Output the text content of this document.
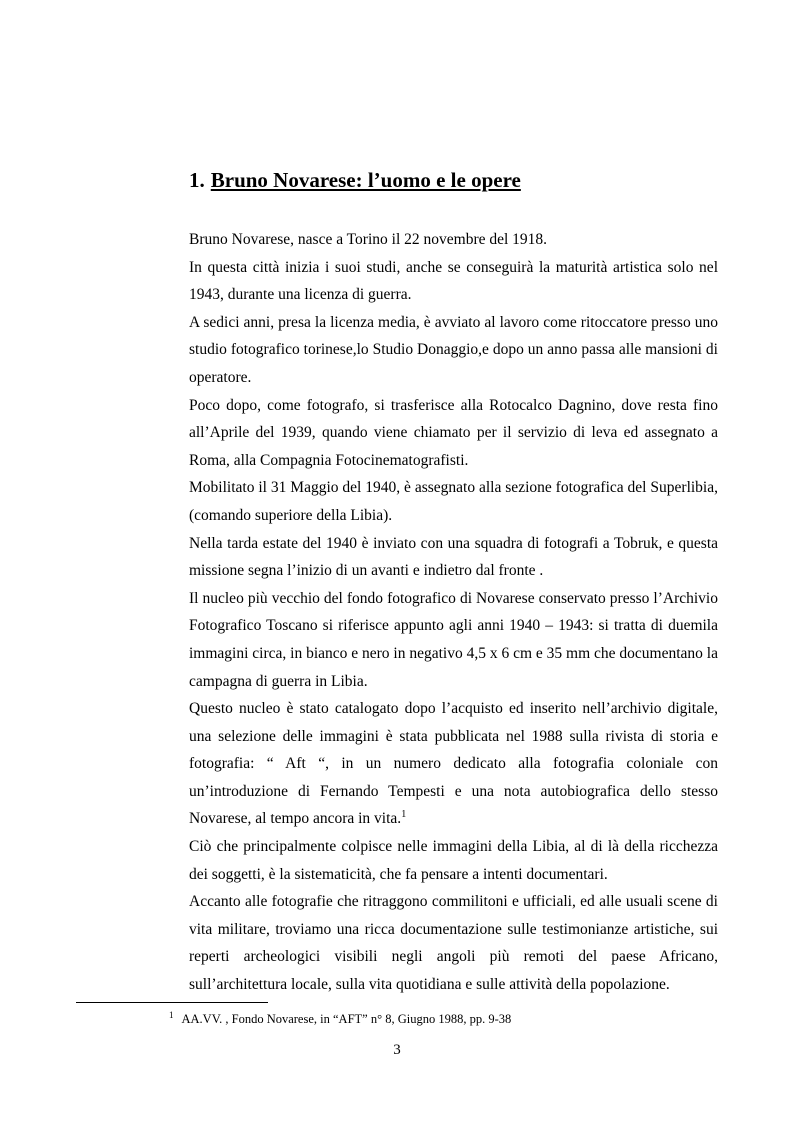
1. Bruno Novarese: l’uomo e le opere

Bruno Novarese, nasce a Torino il 22 novembre del 1918.

In questa città inizia i suoi studi, anche se conseguirà la maturità artistica solo nel 1943, durante una licenza di guerra.

A sedici anni, presa la licenza media, è avviato al lavoro come ritoccatore presso uno studio fotografico torinese,lo Studio Donaggio,e dopo un anno passa alle mansioni di operatore.

Poco dopo, come fotografo, si trasferisce alla Rotocalco Dagnino, dove resta fino all’Aprile del 1939, quando viene chiamato per il servizio di leva ed assegnato a Roma, alla Compagnia Fotocinematografisti.

Mobilitato il 31 Maggio del 1940, è assegnato alla sezione fotografica del Superlibia, (comando superiore della Libia).

Nella tarda estate del 1940 è inviato con una squadra di fotografi a Tobruk, e questa missione segna l’inizio di un avanti e indietro dal fronte .

Il nucleo più vecchio del fondo fotografico di Novarese conservato presso l’Archivio Fotografico Toscano si riferisce appunto agli anni 1940 – 1943: si tratta di duemila immagini circa, in bianco e nero in negativo 4,5 x 6 cm e 35 mm che documentano la campagna di guerra in Libia.

Questo nucleo è stato catalogato dopo l’acquisto ed inserito nell’archivio digitale, una selezione delle immagini è stata pubblicata nel 1988 sulla rivista di storia e fotografia: “ Aft “, in un numero dedicato alla fotografia coloniale con un’introduzione di Fernando Tempesti e una nota autobiografica dello stesso Novarese, al tempo ancora in vita.$^1$

Ciò che principalmente colpisce nelle immagini della Libia, al di là della ricchezza dei soggetti, è la sistematicità, che fa pensare a intenti documentari.

Accanto alle fotografie che ritraggono commilitoni e ufficiali, ed alle usuali scene di vita militare, troviamo una ricca documentazione sulle testimonianze artistiche, sui reperti archeologici visibili negli angoli più remoti del paese Africano, sull’architettura locale, sulla vita quotidiana e sulle attività della popolazione.

$^1$ AA.VV. , Fondo Novarese, in “AFT” n° 8, Giugno 1988, pp. 9-38
3
